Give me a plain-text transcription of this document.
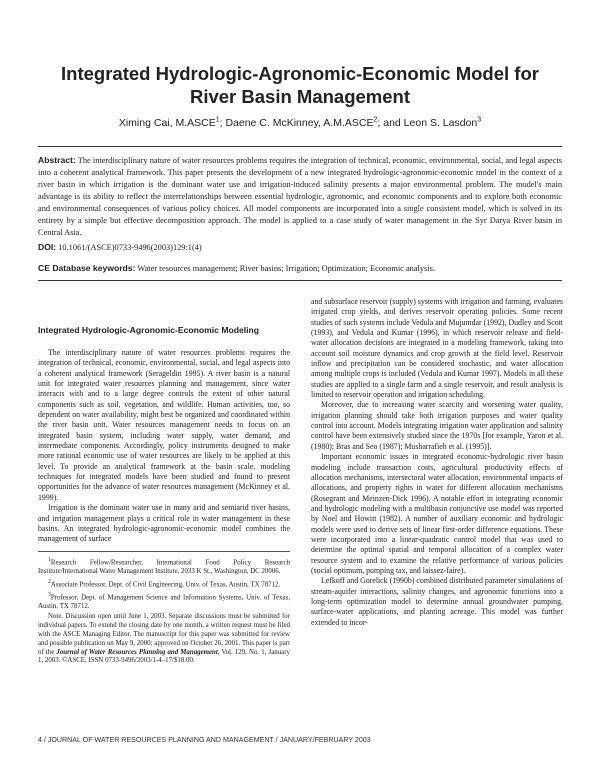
Integrated Hydrologic-Agronomic-Economic Model for River Basin Management
Ximing Cai, M.ASCE$^1$; Daene C. McKinney, A.M.ASCE$^2$; and Leon S. Lasdon$^3$
Abstract: The interdisciplinary nature of water resources problems requires the integration of technical, economic, environmental, social, and legal aspects into a coherent analytical framework. This paper presents the development of a new integrated hydrologic-agronomic-economic model in the context of a river basin in which irrigation is the dominant water use and irrigation-induced salinity presents a major environmental problem. The model's main advantage is its ability to reflect the interrelationships between essential hydrologic, agronomic, and economic components and to explore both economic and environmental consequences of various policy choices. All model components are incorporated into a single consistent model, which is solved in its entirety by a simple but effective decomposition approach. The model is applied to a case study of water management in the Syr Darya River basin in Central Asia.
DOI: 10.1061/(ASCE)0733-9496(2003)129:1(4)
CE Database keywords: Water resources management; River basins; Irrigation; Optimization; Economic analysis.
Integrated Hydrologic-Agronomic-Economic Modeling

The interdisciplinary nature of water resources problems requires the integration of technical, economic, environmental, social, and legal aspects into a coherent analytical framework (Serageldin 1995). A river basin is a natural unit for integrated water resources planning and management, since water interacts with and to a large degree controls the extent of other natural components such as soil, vegetation, and wildlife. Human activities, too, so dependent on water availability, might best be organized and coordinated within the river basin unit. Water resources management needs to focus on an integrated basin system, including water supply, water demand, and intermediate components. Accordingly, policy instruments designed to make more rational economic use of water resources are likely to be applied at this level. To provide an analytical framework at the basin scale, modeling techniques for integrated models have been studied and found to present opportunities for the advance of water resources management (McKinney et al. 1999).

Irrigation is the dominant water use in many arid and semiarid river basins, and irrigation management plays a critical role in water management in these basins. An integrated hydrologic-agronomic-economic model combines the management of surface

$^1$Research Fellow/Researcher, International Food Policy Research Institute/International Water Management Institute, 2033 K St., Washington, DC 20006.
$^2$Associate Professor, Dept. of Civil Engineering, Univ. of Texas, Austin, TX 78712.
$^3$Professor, Dept. of Management Science and Information Systems, Univ. of Texas, Austin, TX 78712.
Note. Discussion open until June 1, 2003. Separate discussions must be submitted for individual papers. To extend the closing date by one month, a written request must be filed with the ASCE Managing Editor. The manuscript for this paper was submitted for review and possible publication on May 9, 2000; approved on October 26, 2001. This paper is part of the Journal of Water Resources Planning and Management, Vol. 129, No. 1, January 1, 2003. ©ASCE, ISSN 0733-9496/2003/1-4–17/$18.00.

and subsurface reservoir (supply) systems with irrigation and farming, evaluates irrigated crop yields, and derives reservoir operating policies. Some recent studies of such systems include Vedula and Mujumdar (1992), Dudley and Scott (1993), and Vedula and Kumar (1996), in which reservoir release and field-water allocation decisions are integrated in a modeling framework, taking into account soil moisture dynamics and crop growth at the field level. Reservoir inflow and precipitation can be considered stochastic, and water allocation among multiple crops is included (Vedula and Kumar 1997). Models in all these studies are applied to a single farm and a single reservoir, and result analysis is limited to reservoir operation and irrigation scheduling.

Moreover, due to increasing water scarcity and worsening water quality, irrigation planning should take both irrigation purposes and water quality control into account. Models integrating irrigation water application and salinity control have been extensively studied since the 1970s [for example, Yaron et al. (1980); Bras and Seo (1987); Musharrafieh et al. (1995)].

Important economic issues in integrated economic-hydrologic river basin modeling include transaction costs, agricultural productivity effects of allocation mechanisms, intersectoral water allocation, environmental impacts of allocations, and property rights in water for different allocation mechanisms (Rosegrant and Meinzen-Dick 1996). A notable effort in integrating economic and hydrologic modeling with a multibasin conjunctive use model was reported by Noel and Howitt (1982). A number of auxiliary economic and hydrologic models were used to derive sets of linear first-order difference equations. These were incorporated into a linear-quadratic control model that was used to determine the optimal spatial and temporal allocation of a complex water resource system and to examine the relative performance of various policies (social optimum, pumping tax, and laissez-faire).

Lefkoff and Gorelick (1990b) combined distributed parameter simulations of stream-aquifer interactions, salinity changes, and agronomic functions into a long-term optimization model to determine annual groundwater pumping, surface-water applications, and planting acreage. This model was further extended to incor-

4 / JOURNAL OF WATER RESOURCES PLANNING AND MANAGEMENT / JANUARY/FEBRUARY 2003
